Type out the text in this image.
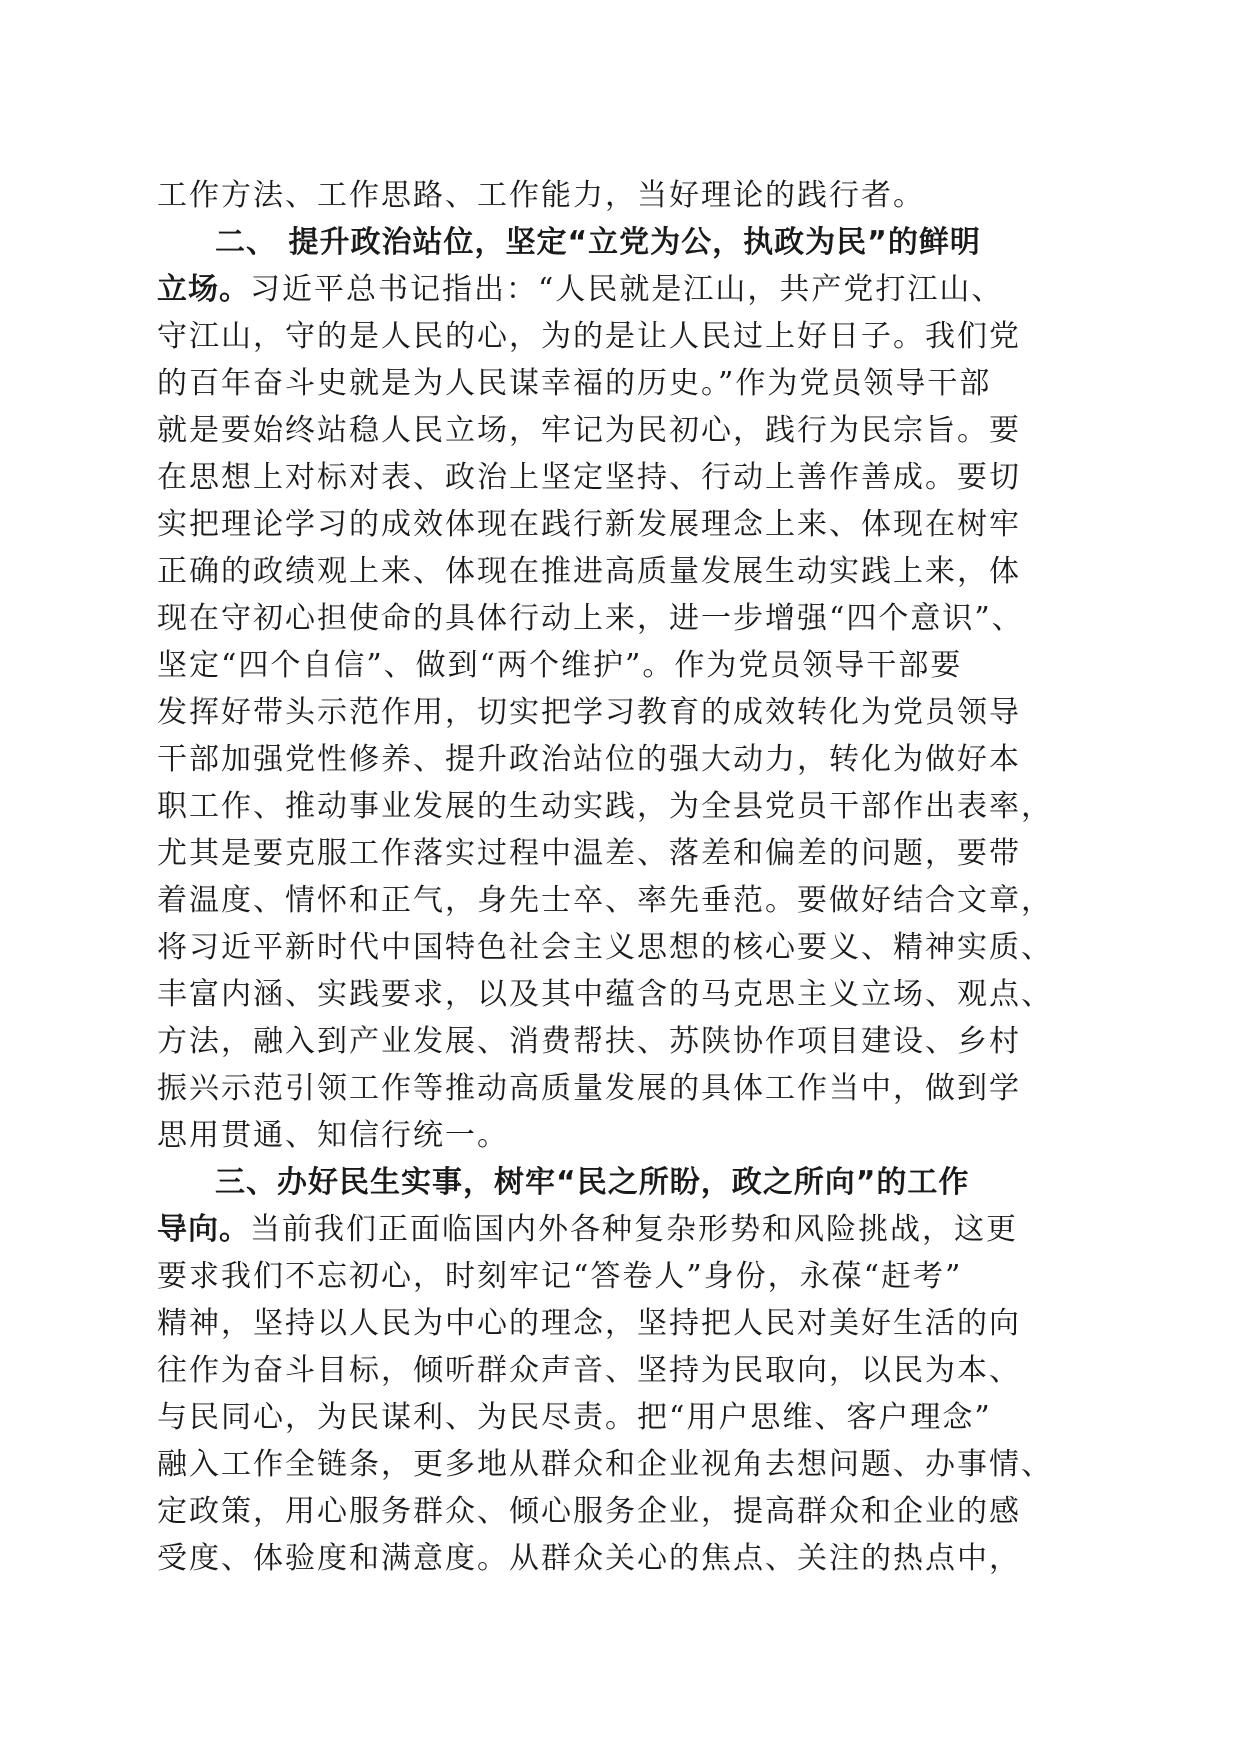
工作方法、工作思路、工作能力，当好理论的践行者。
二、 提升政治站位，坚定“立党为公，执政为民”的鲜明
立场。习近平总书记指出：“人民就是江山，共产党打江山、
守江山，守的是人民的心，为的是让人民过上好日子。我们党
的百年奋斗史就是为人民谋幸福的历史。”作为党员领导干部
就是要始终站稳人民立场，牢记为民初心，践行为民宗旨。要
在思想上对标对表、政治上坚定坚持、行动上善作善成。要切
实把理论学习的成效体现在践行新发展理念上来、体现在树牢
正确的政绩观上来、体现在推进高质量发展生动实践上来，体
现在守初心担使命的具体行动上来，进一步增强“四个意识”、
坚定“四个自信”、做到“两个维护”。作为党员领导干部要
发挥好带头示范作用，切实把学习教育的成效转化为党员领导
干部加强党性修养、提升政治站位的强大动力，转化为做好本
职工作、推动事业发展的生动实践，为全县党员干部作出表率，
尤其是要克服工作落实过程中温差、落差和偏差的问题，要带
着温度、情怀和正气，身先士卒、率先垂范。要做好结合文章，
将习近平新时代中国特色社会主义思想的核心要义、精神实质、
丰富内涵、实践要求，以及其中蕴含的马克思主义立场、观点、
方法，融入到产业发展、消费帮扶、苏陕协作项目建设、乡村
振兴示范引领工作等推动高质量发展的具体工作当中，做到学
思用贯通、知信行统一。
三、办好民生实事，树牢“民之所盼，政之所向”的工作
导向。当前我们正面临国内外各种复杂形势和风险挑战，这更
要求我们不忘初心，时刻牢记“答卷人”身份，永葆“赶考”
精神，坚持以人民为中心的理念，坚持把人民对美好生活的向
往作为奋斗目标，倾听群众声音、坚持为民取向，以民为本、
与民同心，为民谋利、为民尽责。把“用户思维、客户理念”
融入工作全链条，更多地从群众和企业视角去想问题、办事情、
定政策，用心服务群众、倾心服务企业，提高群众和企业的感
受度、体验度和满意度。从群众关心的焦点、关注的热点中，
